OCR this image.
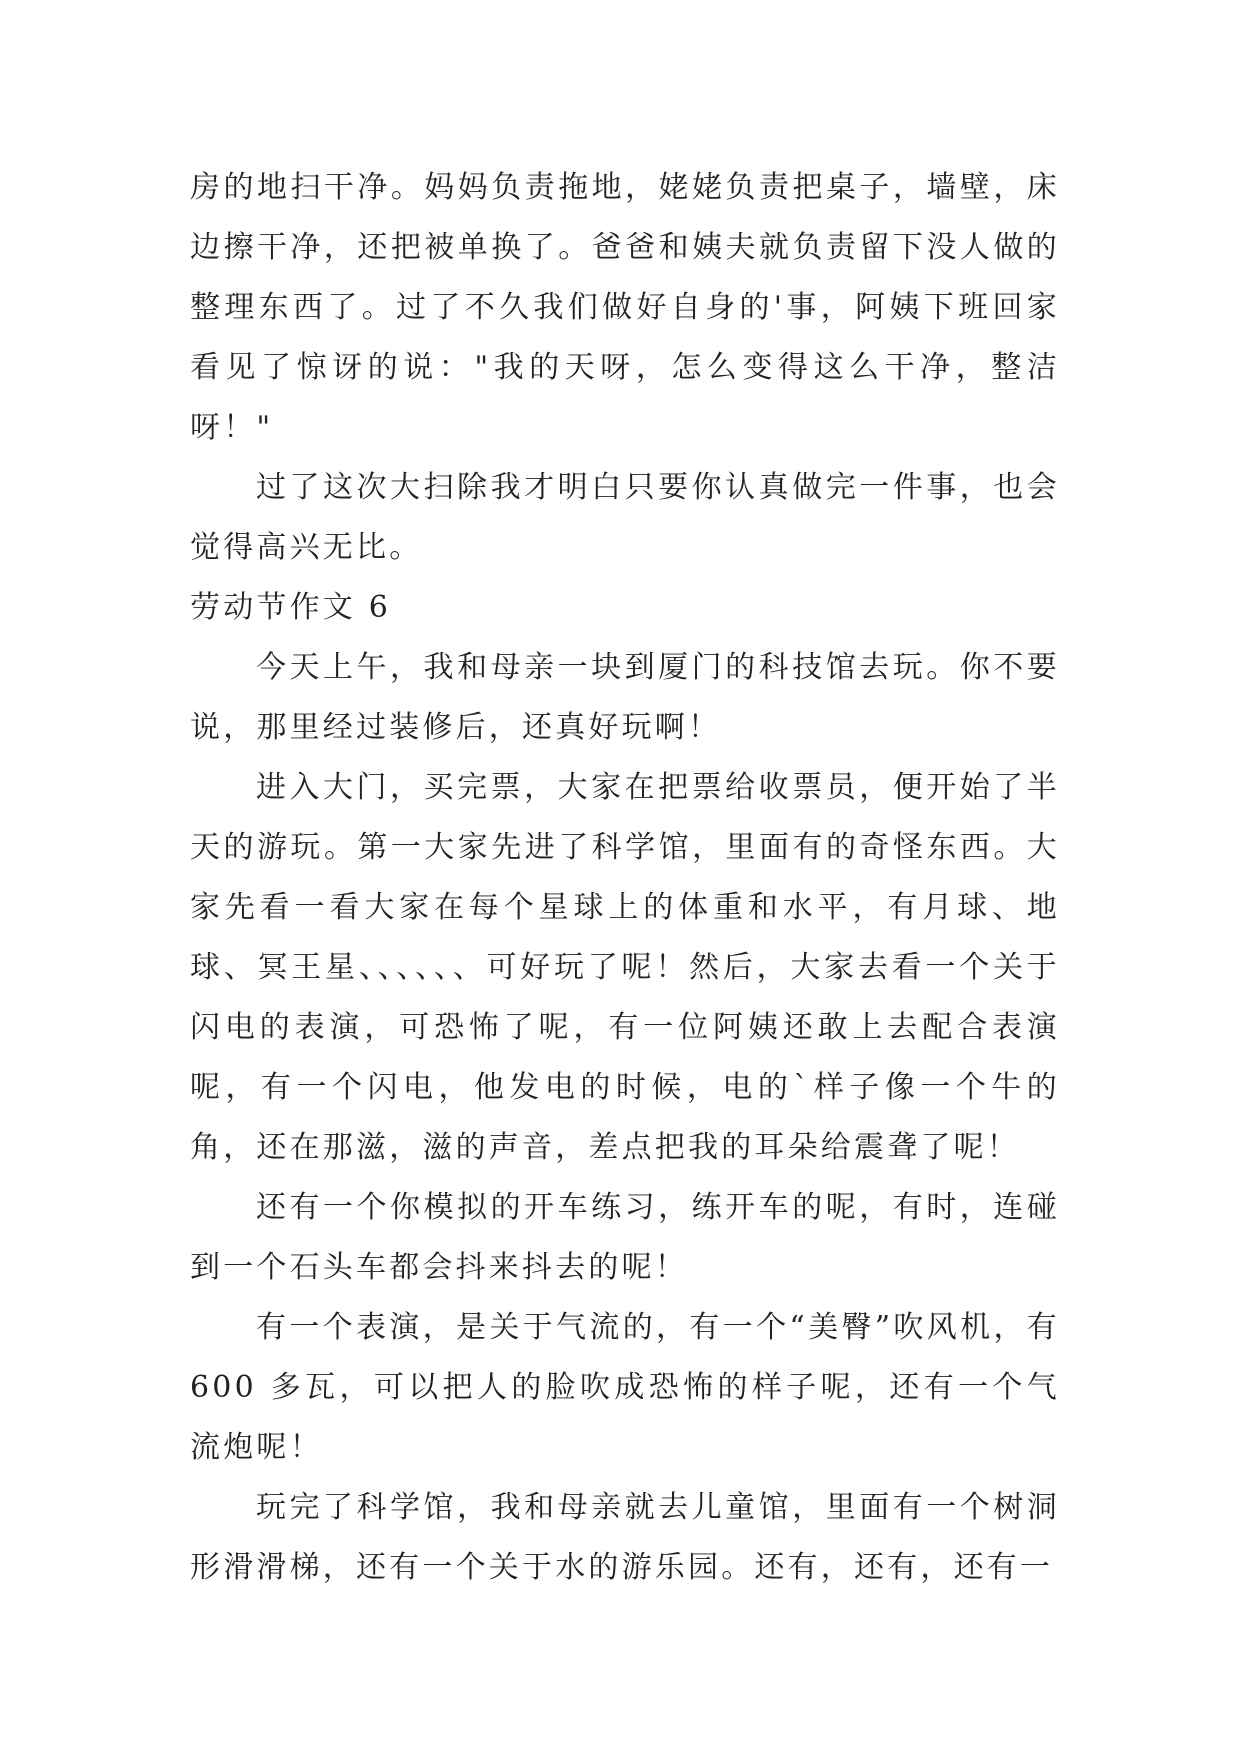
房的地扫干净。妈妈负责拖地，姥姥负责把桌子，墙壁，床边擦干净，还把被单换了。爸爸和姨夫就负责留下没人做的整理东西了。过了不久我们做好自身的'事，阿姨下班回家看见了惊讶的说："我的天呀，怎么变得这么干净，整洁呀！"

过了这次大扫除我才明白只要你认真做完一件事，也会觉得高兴无比。

劳动节作文 6

今天上午，我和母亲一块到厦门的科技馆去玩。你不要说，那里经过装修后，还真好玩啊！

进入大门，买完票，大家在把票给收票员，便开始了半天的游玩。第一大家先进了科学馆，里面有的奇怪东西。大家先看一看大家在每个星球上的体重和水平，有月球、地球、冥王星、、、、、、可好玩了呢！然后，大家去看一个关于闪电的表演，可恐怖了呢，有一位阿姨还敢上去配合表演呢，有一个闪电，他发电的时候，电的`样子像一个牛的角，还在那滋，滋的声音，差点把我的耳朵给震聋了呢！

还有一个你模拟的开车练习，练开车的呢，有时，连碰到一个石头车都会抖来抖去的呢！

有一个表演，是关于气流的，有一个“美臀”吹风机，有 600 多瓦，可以把人的脸吹成恐怖的样子呢，还有一个气流炮呢！

玩完了科学馆，我和母亲就去儿童馆，里面有一个树洞形滑滑梯，还有一个关于水的游乐园。还有，还有，还有一
